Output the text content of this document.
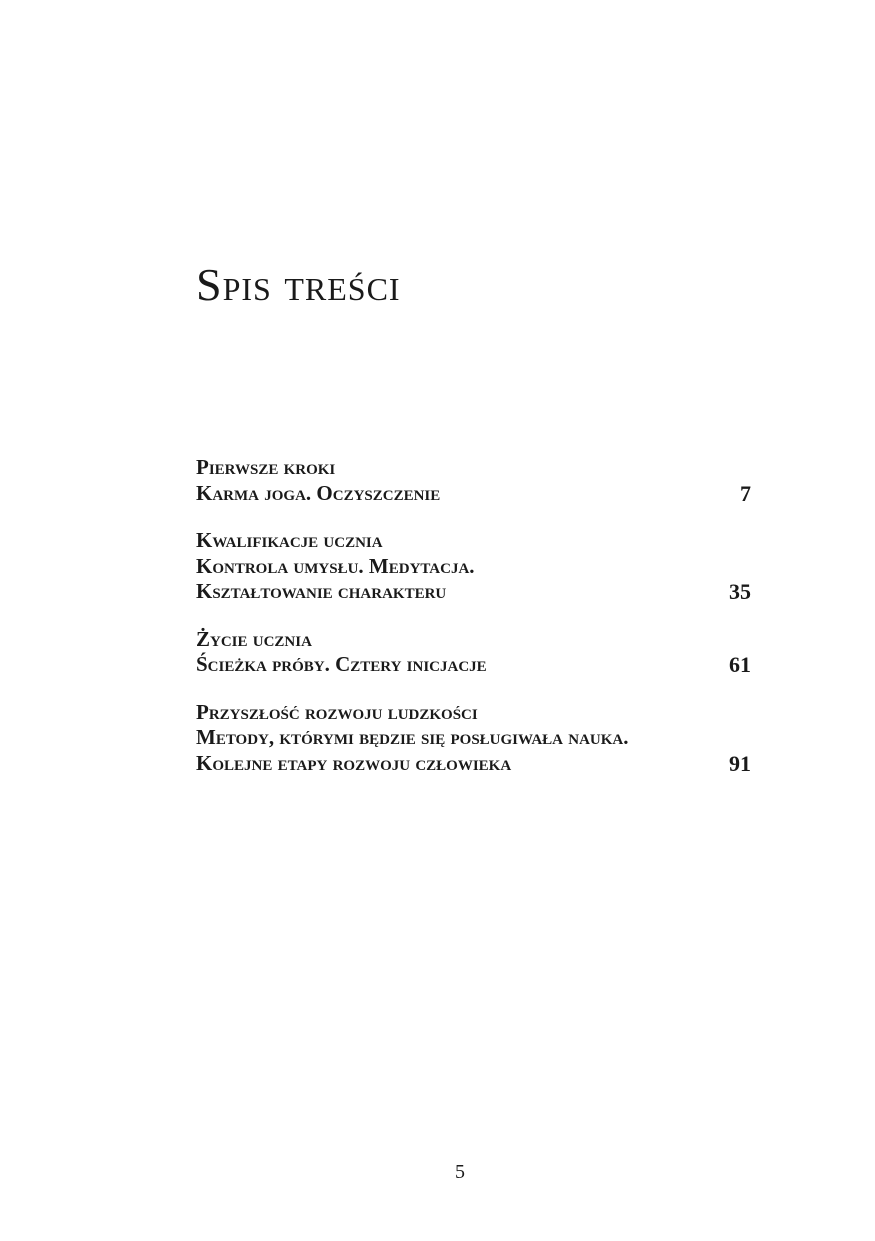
Spis treści
Pierwsze kroki
Karma joga. Oczyszczenie	7
Kwalifikacje ucznia
Kontrola umysłu. Medytacja.
Kształtowanie charakteru	35
Życie ucznia
Ścieżka próby. Cztery inicjacje	61
Przyszłość rozwoju ludzkości
Metody, którymi będzie się posługiwała nauka.
Kolejne etapy rozwoju człowieka	91
5
